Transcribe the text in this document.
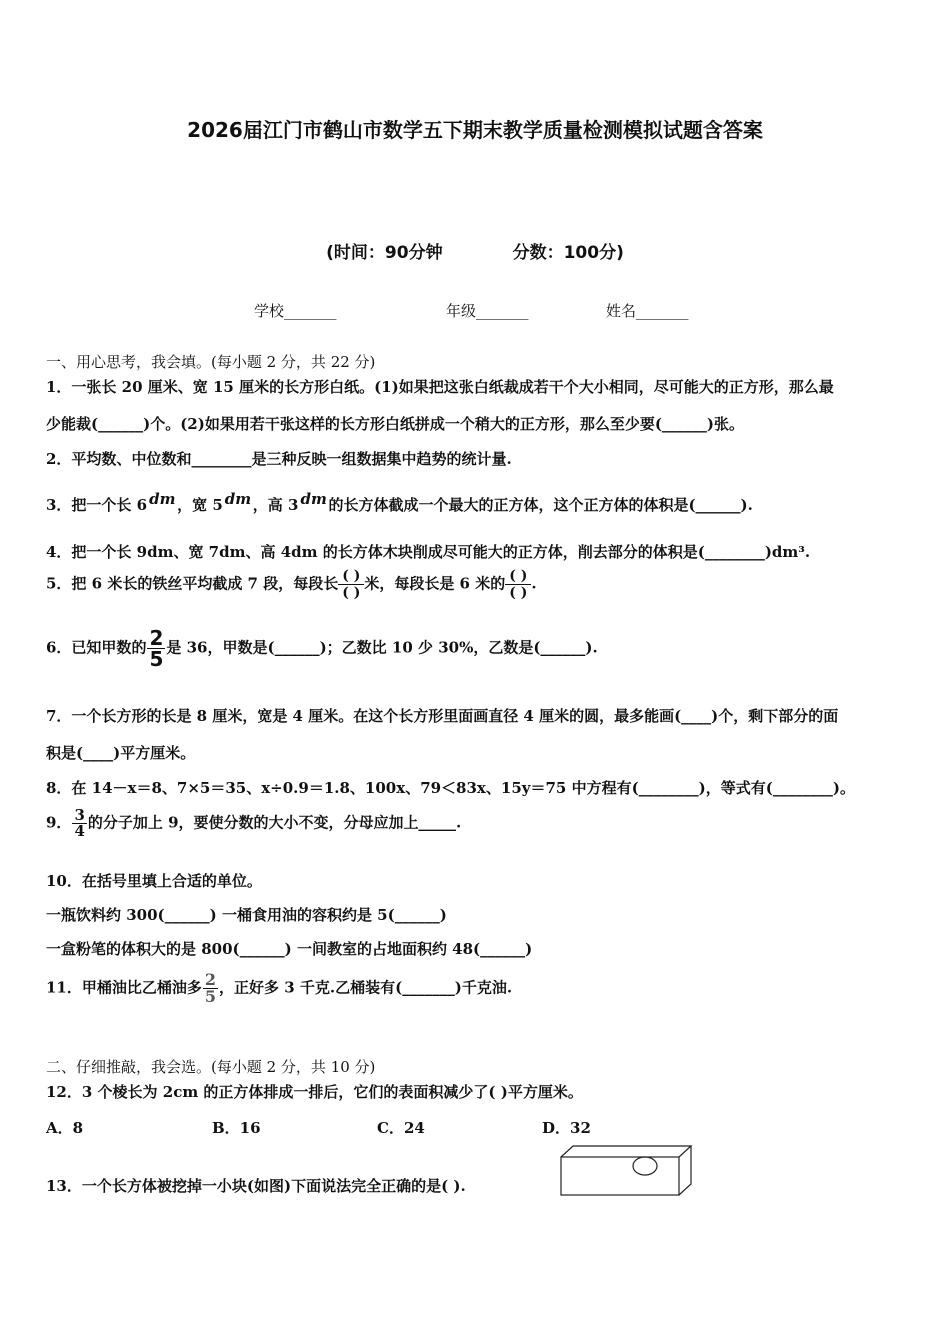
2026届江门市鹤山市数学五下期末教学质量检测模拟试题含答案
(时间：90分钟	分数：100分)
学校_______	年级_______	姓名_______
一、用心思考，我会填。(每小题 2 分，共 22 分)
1．一张长 20 厘米、宽 15 厘米的长方形白纸。(1)如果把这张白纸裁成若干个大小相同，尽可能大的正方形，那么最
少能裁(______)个。(2)如果用若干张这样的长方形白纸拼成一个稍大的正方形，那么至少要(______)张。
2．平均数、中位数和________是三种反映一组数据集中趋势的统计量.
3．把一个长 6 dm ，宽 5 dm ，高 3 dm 的长方体截成一个最大的正方体，这个正方体的体积是(______).
4．把一个长 9dm、宽 7dm、高 4dm 的长方体木块削成尽可能大的正方体，削去部分的体积是(________)dm³.
5．把 6 米长的铁丝平均截成 7 段，每段长 $\frac{( )}{( )}$ 米，每段长是 6 米的 $\frac{( )}{( )}$ .
6．已知甲数的 $\frac{2}{5}$ 是 36，甲数是(______)；乙数比 10 少 30%，乙数是(______).
7．一个长方形的长是 8 厘米，宽是 4 厘米。在这个长方形里面画直径 4 厘米的圆，最多能画(____)个，剩下部分的面
积是(____)平方厘米。
8．在 14－x＝8、7×5＝35、x÷0.9＝1.8、100x、79＜83x、15y＝75 中方程有(________)，等式有(________)。
9． $\frac{3}{4}$ 的分子加上 9，要使分数的大小不变，分母应加上_____.
10．在括号里填上合适的单位。
一瓶饮料约 300(______) 一桶食用油的容积约是 5(______)
一盒粉笔的体积大的是 800(______) 一间教室的占地面积约 48(______)
11．甲桶油比乙桶油多 $\frac{2}{5}$ ，正好多 3 千克.乙桶装有(_______)千克油.
二、仔细推敲，我会选。(每小题 2 分，共 10 分)
12．3 个棱长为 2cm 的正方体排成一排后，它们的表面积减少了( )平方厘米。
A．8	B．16	C．24	D．32
13．一个长方体被挖掉一小块(如图)下面说法完全正确的是( ).
